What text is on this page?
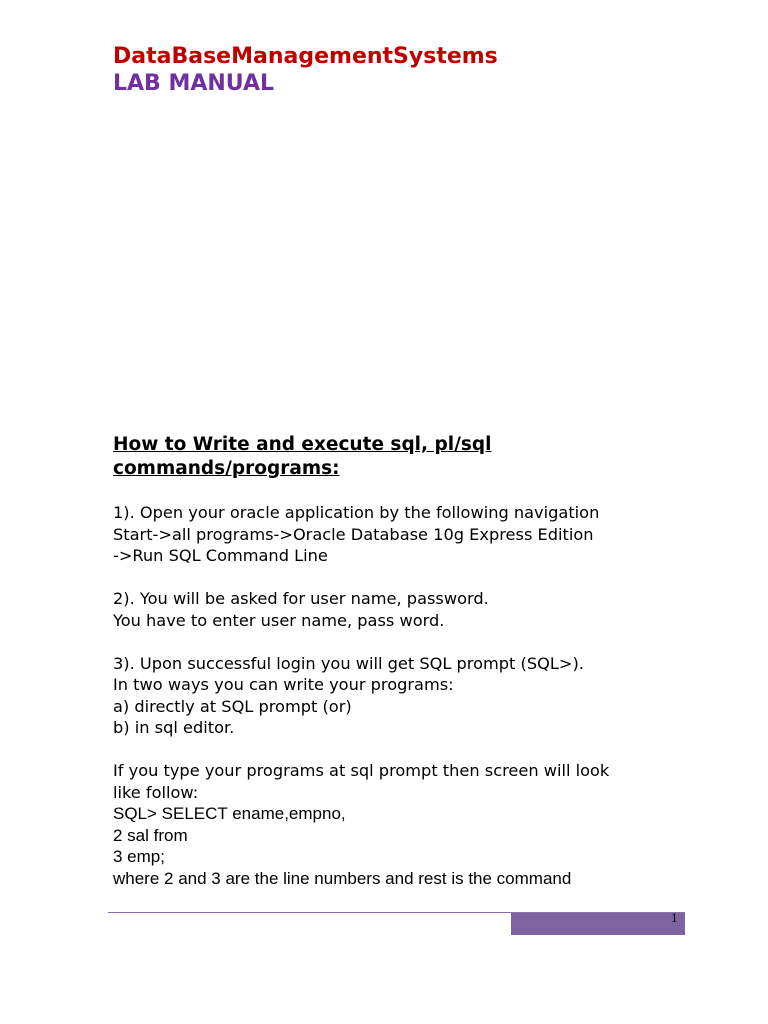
DataBaseManagementSystems
LAB MANUAL
How to Write and execute sql, pl/sql
commands/programs:
1). Open your oracle application by the following navigation
Start->all programs->Oracle Database 10g Express Edition
->Run SQL Command Line
2). You will be asked for user name, password.
You have to enter user name, pass word.
3). Upon successful login you will get SQL prompt (SQL>).
In two ways you can write your programs:
a) directly at SQL prompt (or)
b) in sql editor.
If you type your programs at sql prompt then screen will look
like follow:
SQL> SELECT ename,empno,
2 sal from
3 emp;
where 2 and 3 are the line numbers and rest is the command
1
